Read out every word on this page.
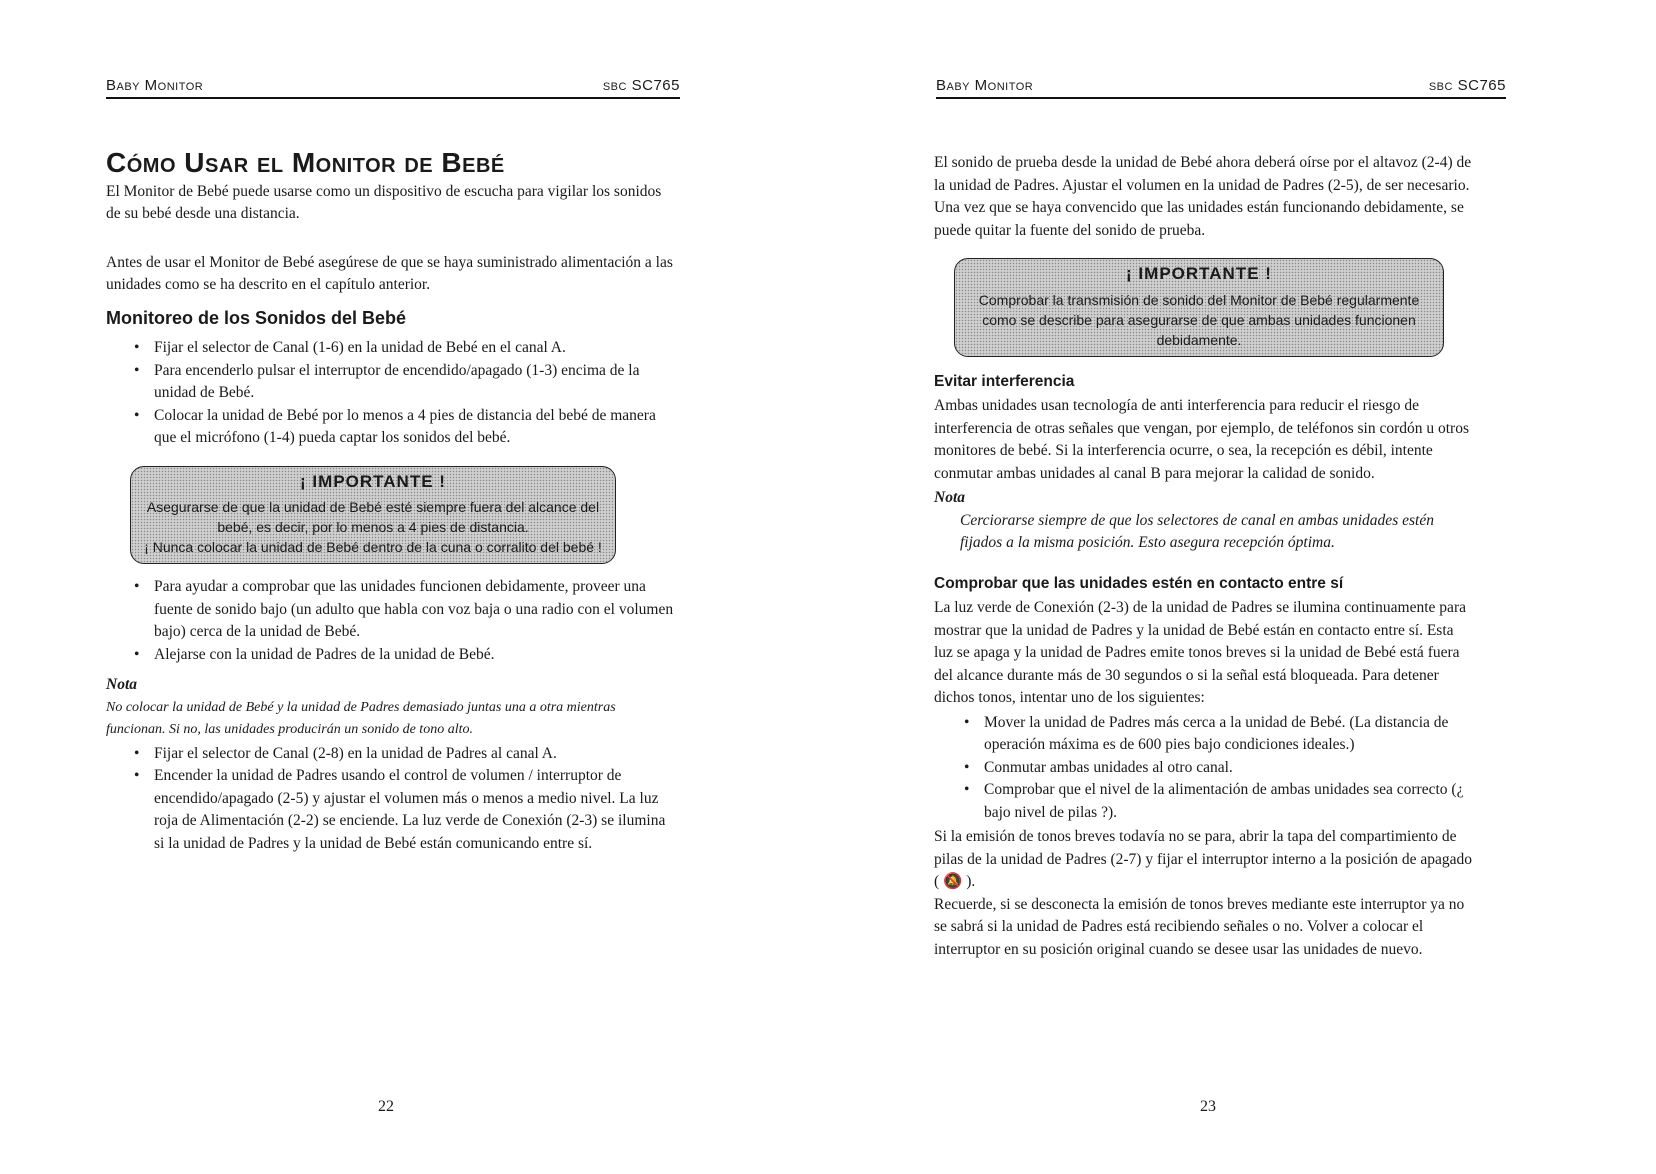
Baby Monitor	sbc SC765
Cómo Usar el Monitor de Bebé

El Monitor de Bebé puede usarse como un dispositivo de escucha para vigilar los sonidos de su bebé desde una distancia.

Antes de usar el Monitor de Bebé asegúrese de que se haya suministrado alimentación a las unidades como se ha descrito en el capítulo anterior.

Monitoreo de los Sonidos del Bebé
• Fijar el selector de Canal (1-6) en la unidad de Bebé en el canal A.
• Para encenderlo pulsar el interruptor de encendido/apagado (1-3) encima de la unidad de Bebé.
• Colocar la unidad de Bebé por lo menos a 4 pies de distancia del bebé de manera que el micrófono (1-4) pueda captar los sonidos del bebé.
¡ IMPORTANTE !
Asegurarse de que la unidad de Bebé esté siempre fuera del alcance del bebé, es decir, por lo menos a 4 pies de distancia.
¡ Nunca colocar la unidad de Bebé dentro de la cuna o corralito del bebé !
• Para ayudar a comprobar que las unidades funcionen debidamente, proveer una fuente de sonido bajo (un adulto que habla con voz baja o una radio con el volumen bajo) cerca de la unidad de Bebé.
• Alejarse con la unidad de Padres de la unidad de Bebé.
Nota
No colocar la unidad de Bebé y la unidad de Padres demasiado juntas una a otra mientras funcionan. Si no, las unidades producirán un sonido de tono alto.
• Fijar el selector de Canal (2-8) en la unidad de Padres al canal A.
• Encender la unidad de Padres usando el control de volumen / interruptor de encendido/apagado (2-5) y ajustar el volumen más o menos a medio nivel. La luz roja de Alimentación (2-2) se enciende. La luz verde de Conexión (2-3) se ilumina si la unidad de Padres y la unidad de Bebé están comunicando entre sí.
22
Baby Monitor	sbc SC765

El sonido de prueba desde la unidad de Bebé ahora deberá oírse por el altavoz (2-4) de la unidad de Padres. Ajustar el volumen en la unidad de Padres (2-5), de ser necesario. Una vez que se haya convencido que las unidades están funcionando debidamente, se puede quitar la fuente del sonido de prueba.

¡ IMPORTANTE !
Comprobar la transmisión de sonido del Monitor de Bebé regularmente como se describe para asegurarse de que ambas unidades funcionen debidamente.
Evitar interferencia

Ambas unidades usan tecnología de anti interferencia para reducir el riesgo de interferencia de otras señales que vengan, por ejemplo, de teléfonos sin cordón u otros monitores de bebé. Si la interferencia ocurre, o sea, la recepción es débil, intente conmutar ambas unidades al canal B para mejorar la calidad de sonido.

Nota
Cerciorarse siempre de que los selectores de canal en ambas unidades estén fijados a la misma posición. Esto asegura recepción óptima.
Comprobar que las unidades estén en contacto entre sí

La luz verde de Conexión (2-3) de la unidad de Padres se ilumina continuamente para mostrar que la unidad de Padres y la unidad de Bebé están en contacto entre sí. Esta luz se apaga y la unidad de Padres emite tonos breves si la unidad de Bebé está fuera del alcance durante más de 30 segundos o si la señal está bloqueada. Para detener dichos tonos, intentar uno de los siguientes:

• Mover la unidad de Padres más cerca a la unidad de Bebé. (La distancia de operación máxima es de 600 pies bajo condiciones ideales.)
• Conmutar ambas unidades al otro canal.
• Comprobar que el nivel de la alimentación de ambas unidades sea correcto (¿ bajo nivel de pilas ?).

Si la emisión de tonos breves todavía no se para, abrir la tapa del compartimiento de pilas de la unidad de Padres (2-7) y fijar el interruptor interno a la posición de apagado ( 🔕 ).

Recuerde, si se desconecta la emisión de tonos breves mediante este interruptor ya no se sabrá si la unidad de Padres está recibiendo señales o no. Volver a colocar el interruptor en su posición original cuando se desee usar las unidades de nuevo.

23
